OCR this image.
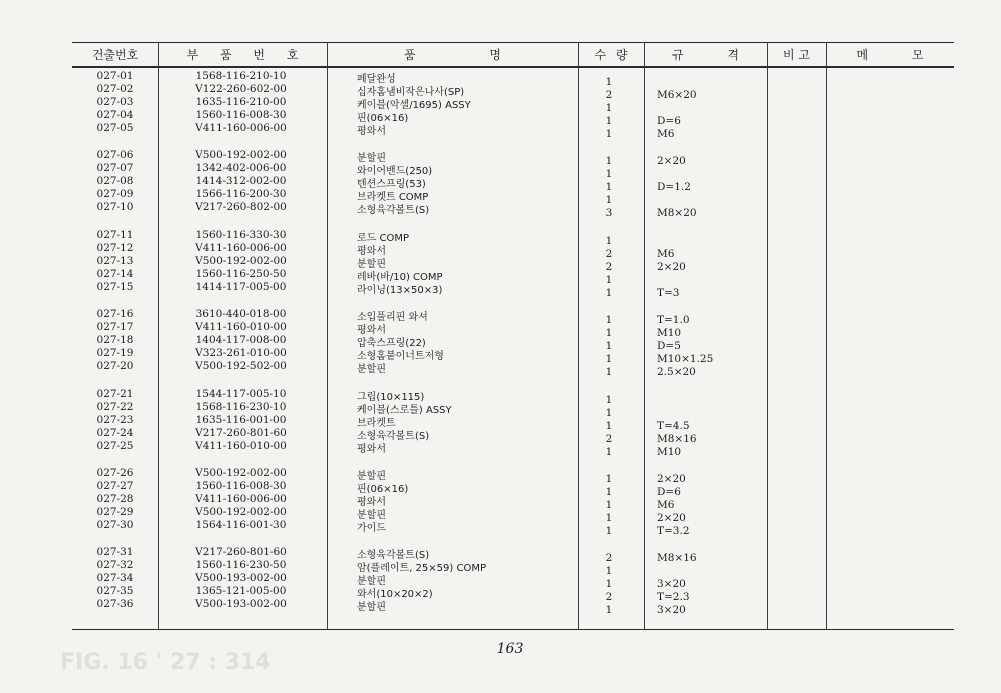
FIG. 16 ' 27 : 314
건출번호	부 품 번 호	품 명	수 량	규 격	비 고	메 모
027-01	1568-116-210-10	페달완성	1
027-02	V122-260-602-00	십자홈냄비작은나사(SP)	2	M6×20
027-03	1635-116-210-00	케이블(악셀/1695) ASSY	1
027-04	1560-116-008-30	핀(06×16)	1	D=6
027-05	V411-160-006-00	평와서	1	M6
027-06	V500-192-002-00	분할핀	1	2×20
027-07	1342-402-006-00	와이어밴드(250)	1
027-08	1414-312-002-00	텐션스프링(53)	1	D=1.2
027-09	1566-116-200-30	브라켓트 COMP	1
027-10	V217-260-802-00	소형육각볼트(S)	3	M8×20
027-11	1560-116-330-30	로드 COMP	1
027-12	V411-160-006-00	평와서	2	M6
027-13	V500-192-002-00	분할핀	2	2×20
027-14	1560-116-250-50	레바(바/10) COMP	1
027-15	1414-117-005-00	라이닝(13×50×3)	1	T=3
027-16	3610-440-018-00	소입풀리핀 와셔	1	T=1.0
027-17	V411-160-010-00	평와서	1	M10
027-18	1404-117-008-00	압축스프링(22)	1	D=5
027-19	V323-261-010-00	소형홈붙이너트저형	1	M10×1.25
027-20	V500-192-502-00	분할핀	1	2.5×20
027-21	1544-117-005-10	그립(10×115)	1
027-22	1568-116-230-10	케이블(스로틀) ASSY	1
027-23	1635-116-001-00	브라켓트	1	T=4.5
027-24	V217-260-801-60	소형육각볼트(S)	2	M8×16
027-25	V411-160-010-00	평와서	1	M10
027-26	V500-192-002-00	분할핀	1	2×20
027-27	1560-116-008-30	핀(06×16)	1	D=6
027-28	V411-160-006-00	평와서	1	M6
027-29	V500-192-002-00	분할핀	1	2×20
027-30	1564-116-001-30	가이드	1	T=3.2
027-31	V217-260-801-60	소형육각볼트(S)	2	M8×16
027-32	1560-116-230-50	암(플레이트, 25×59) COMP	1
027-34	V500-193-002-00	분할핀	1	3×20
027-35	1365-121-005-00	와서(10×20×2)	2	T=2.3
027-36	V500-193-002-00	분할핀	1	3×20
163
